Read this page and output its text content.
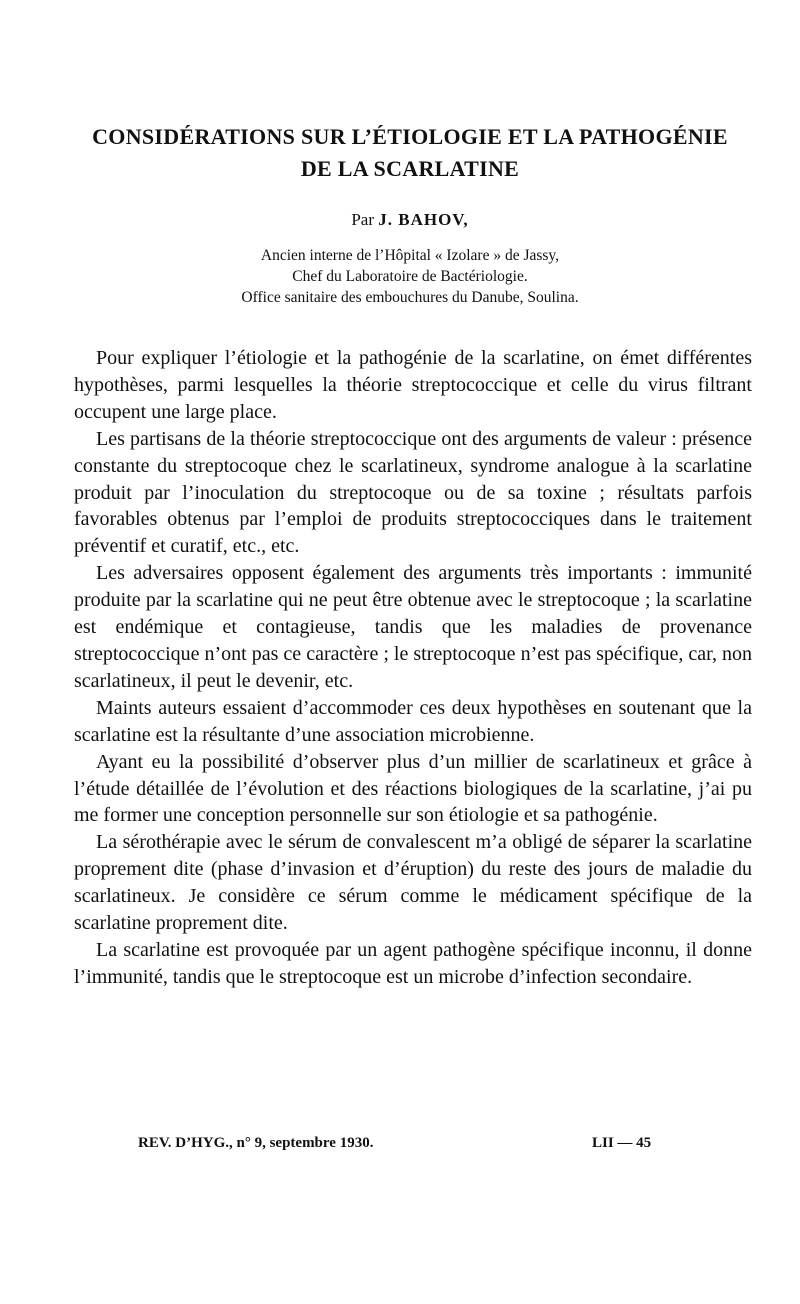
CONSIDÉRATIONS SUR L’ÉTIOLOGIE ET LA PATHOGÉNIE
DE LA SCARLATINE
Par J. BAHOV,
Ancien interne de l’Hôpital « Izolare » de Jassy,
Chef du Laboratoire de Bactériologie.
Office sanitaire des embouchures du Danube, Soulina.

Pour expliquer l’étiologie et la pathogénie de la scarlatine, on émet différentes hypothèses, parmi lesquelles la théorie streptococcique et celle du virus filtrant occupent une large place.

Les partisans de la théorie streptococcique ont des arguments de valeur : présence constante du streptocoque chez le scarlatineux, syndrome analogue à la scarlatine produit par l’inoculation du streptocoque ou de sa toxine ; résultats parfois favorables obtenus par l’emploi de produits streptococciques dans le traitement préventif et curatif, etc., etc.

Les adversaires opposent également des arguments très importants : immunité produite par la scarlatine qui ne peut être obtenue avec le streptocoque ; la scarlatine est endémique et contagieuse, tandis que les maladies de provenance streptococcique n’ont pas ce caractère ; le streptocoque n’est pas spécifique, car, non scarlatineux, il peut le devenir, etc.

Maints auteurs essaient d’accommoder ces deux hypothèses en soutenant que la scarlatine est la résultante d’une association microbienne.

Ayant eu la possibilité d’observer plus d’un millier de scarlatineux et grâce à l’étude détaillée de l’évolution et des réactions biologiques de la scarlatine, j’ai pu me former une conception personnelle sur son étiologie et sa pathogénie.

La sérothérapie avec le sérum de convalescent m’a obligé de séparer la scarlatine proprement dite (phase d’invasion et d’éruption) du reste des jours de maladie du scarlatineux. Je considère ce sérum comme le médicament spécifique de la scarlatine proprement dite.

La scarlatine est provoquée par un agent pathogène spécifique inconnu, il donne l’immunité, tandis que le streptocoque est un microbe d’infection secondaire.

REV. D’HYG., n° 9, septembre 1930.	LII — 45
